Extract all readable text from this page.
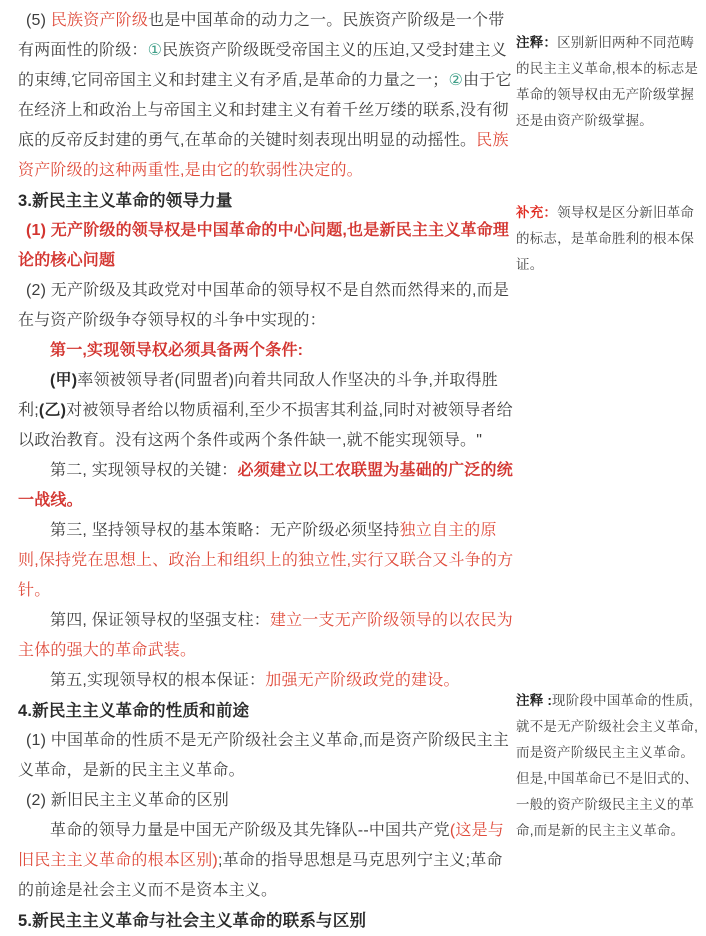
(5) 民族资产阶级也是中国革命的动力之一。民族资产阶级是一个带有两面性的阶级：①民族资产阶级既受帝国主义的压迫,又受封建主义的束缚,它同帝国主义和封建主义有矛盾,是革命的力量之一；②由于它在经济上和政治上与帝国主义和封建主义有着千丝万缕的联系,没有彻底的反帝反封建的勇气,在革命的关键时刻表现出明显的动摇性。民族资产阶级的这种两重性,是由它的软弱性决定的。

3.新民主主义革命的领导力量

(1) 无产阶级的领导权是中国革命的中心问题,也是新民主主义革命理论的核心问题

(2) 无产阶级及其政党对中国革命的领导权不是自然而然得来的,而是在与资产阶级争夺领导权的斗争中实现的：

第一,实现领导权必须具备两个条件:

(甲)率领被领导者(同盟者)向着共同敌人作坚决的斗争,并取得胜利;(乙)对被领导者给以物质福利,至少不损害其利益,同时对被领导者给以政治教育。没有这两个条件或两个条件缺一,就不能实现领导。"

第二, 实现领导权的关键：必须建立以工农联盟为基础的广泛的统一战线。

第三, 坚持领导权的基本策略：无产阶级必须坚持独立自主的原则,保持党在思想上、政治上和组织上的独立性,实行又联合又斗争的方针。

第四, 保证领导权的坚强支柱：建立一支无产阶级领导的以农民为主体的强大的革命武装。

第五,实现领导权的根本保证：加强无产阶级政党的建设。

4.新民主主义革命的性质和前途

(1) 中国革命的性质不是无产阶级社会主义革命,而是资产阶级民主主义革命，是新的民主主义革命。

(2) 新旧民主主义革命的区别

革命的领导力量是中国无产阶级及其先锋队--中国共产党(这是与旧民主主义革命的根本区别);革命的指导思想是马克思列宁主义;革命的前途是社会主义而不是资本主义。

5.新民主主义革命与社会主义革命的联系与区别

注释：区别新旧两种不同范畴的民主主义革命,根本的标志是革命的领导权由无产阶级掌握还是由资产阶级掌握。
补充：领导权是区分新旧革命的标志，是革命胜利的根本保证。
注释 :现阶段中国革命的性质,就不是无产阶级社会主义革命,而是资产阶级民主主义革命。但是,中国革命已不是旧式的、一般的资产阶级民主主义的革命,而是新的民主主义革命。
